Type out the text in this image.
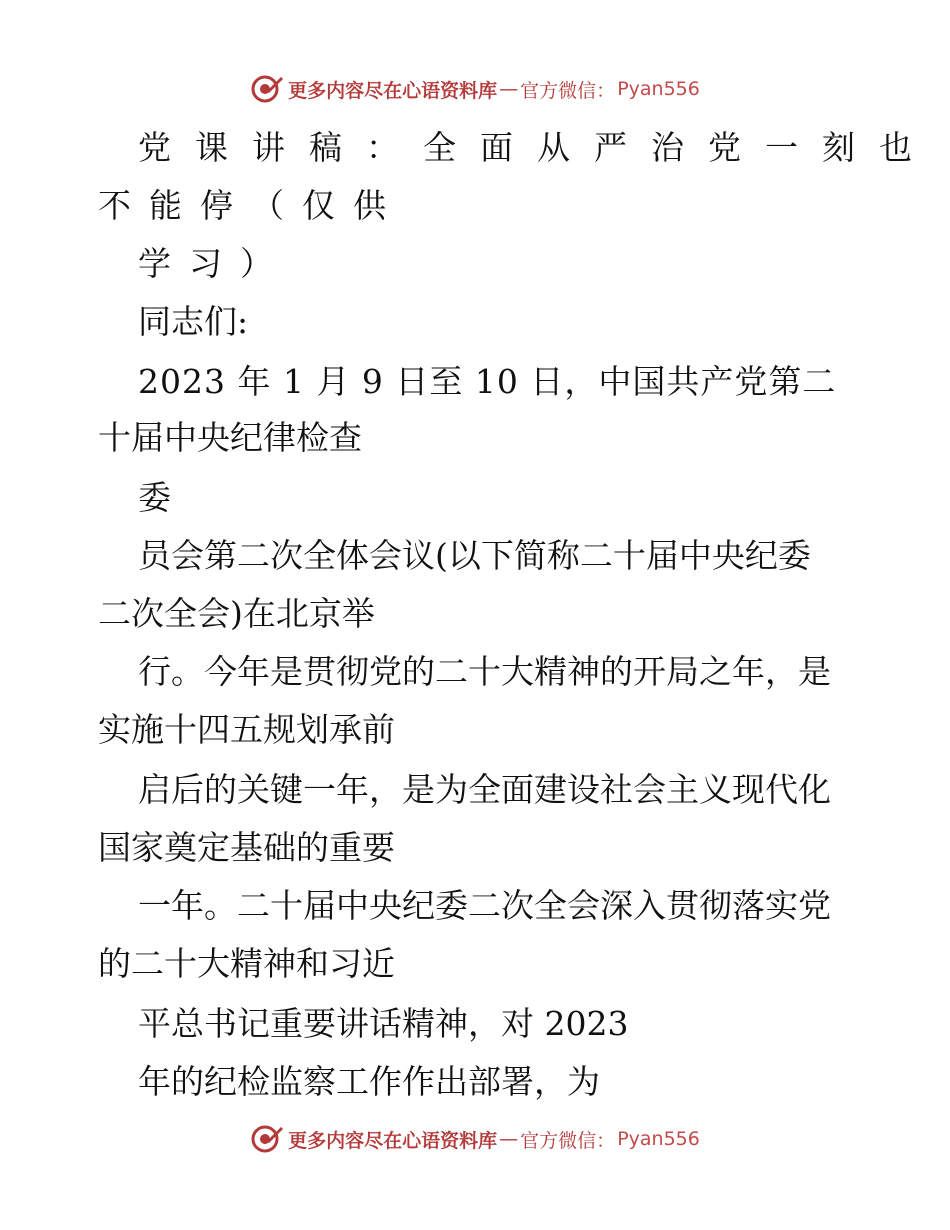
更多内容尽在心语资料库 — 官方微信： Pyan556
党课讲稿：全面从严治党一刻也
不能停（仅供
学习）
同志们:
2023 年 1 月 9 日至 10 日，中国共产党第二
十届中央纪律检查
委
员会第二次全体会议(以下简称二十届中央纪委
二次全会)在北京举
行。今年是贯彻党的二十大精神的开局之年，是
实施十四五规划承前
启后的关键一年，是为全面建设社会主义现代化
国家奠定基础的重要
一年。二十届中央纪委二次全会深入贯彻落实党
的二十大精神和习近
平总书记重要讲话精神，对 2023
年的纪检监察工作作出部署，为
更多内容尽在心语资料库 — 官方微信： Pyan556
